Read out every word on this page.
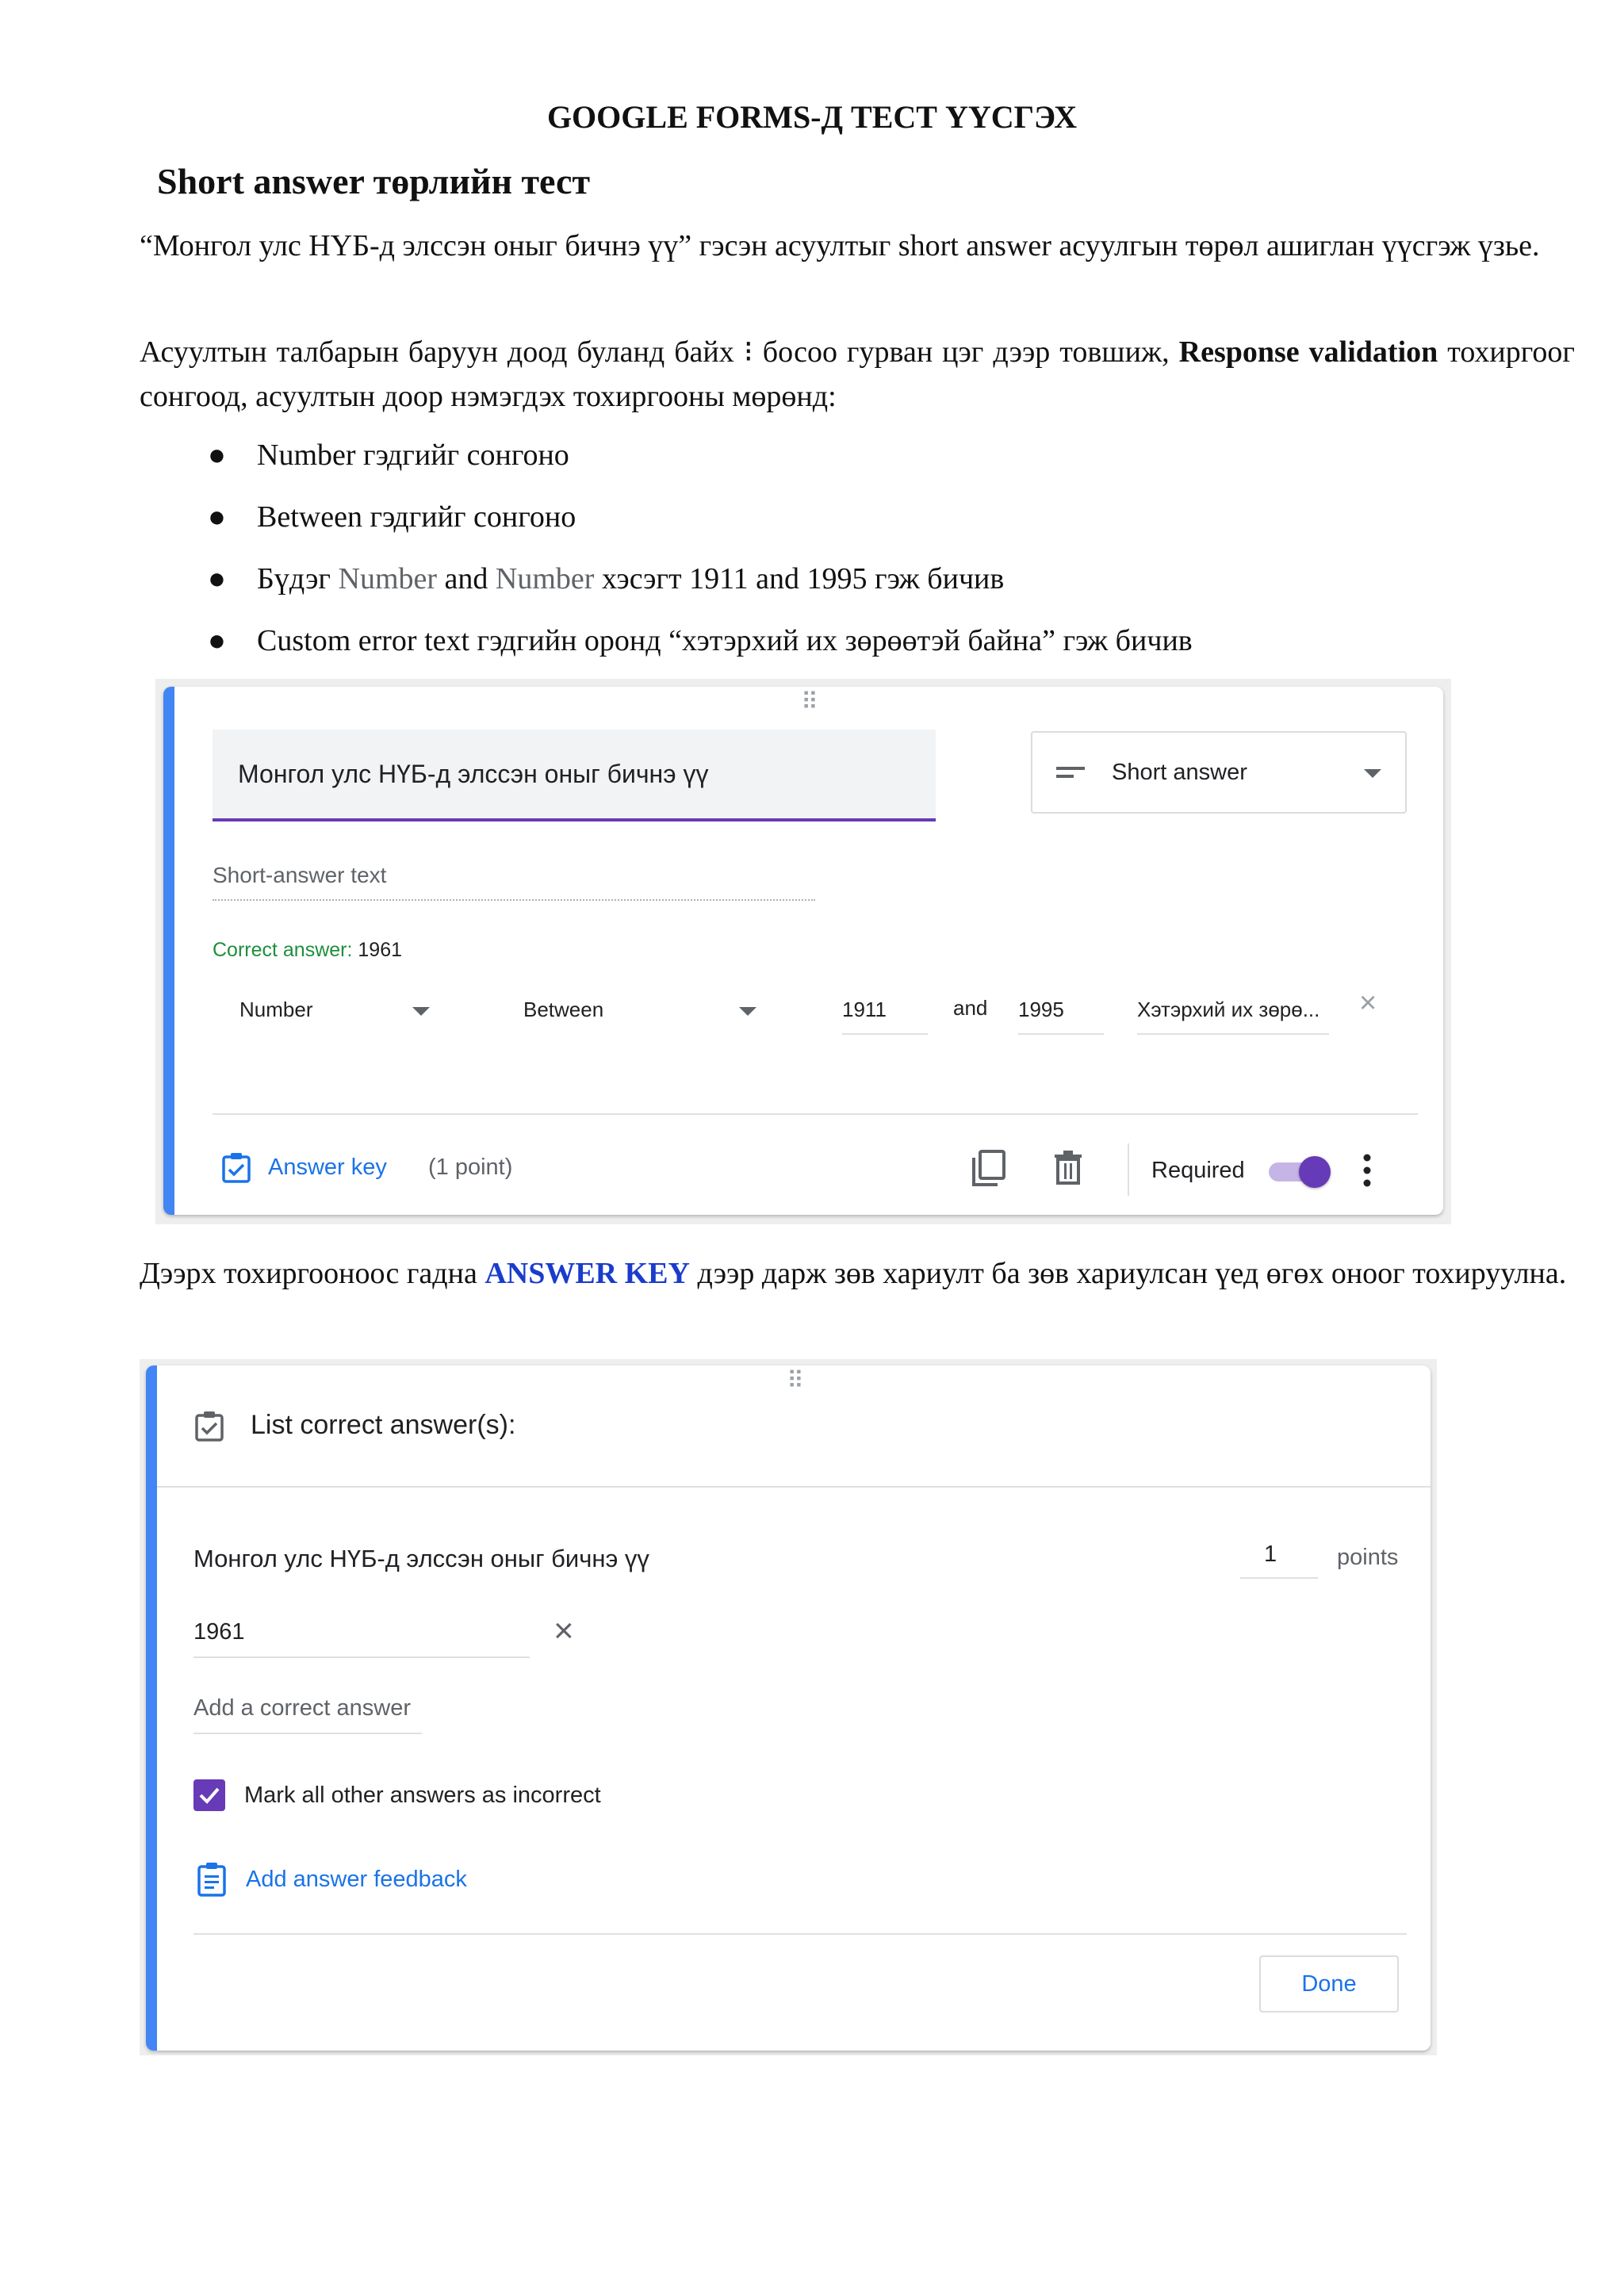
GOOGLE FORMS-Д ТЕСТ ҮҮСГЭХ
Short answer төрлийн тест
“Монгол улс НҮБ-д элссэн оныг бичнэ үү” гэсэн асуултыг short answer асуулгын төрөл ашиглан үүсгэж үзье.
Асуултын талбарын баруун доод буланд байх ⁝ босоо гурван цэг дээр товшиж, Response validation тохиргоог сонгоод, асуултын доор нэмэгдэх тохиргооны мөрөнд:
● Number гэдгийг сонгоно
● Between гэдгийг сонгоно
● Бүдэг Number and Number хэсэгт 1911 and 1995 гэж бичив
● Custom error text гэдгийн оронд “хэтэрхий их зөрөөтэй байна” гэж бичив
⠿
Монгол улс НҮБ-д элссэн оныг бичнэ үү	Short answer
Short-answer text
Correct answer: 1961
Number	Between	1911	and 1995	Хэтэрхий их зөрө...	×
Answer key (1 point)	Required
Дээрх тохиргооноос гадна ANSWER KEY дээр дарж зөв хариулт ба зөв хариулсан үед өгөх оноог тохируулна.
⠿
List correct answer(s):
Монгол улс НҮБ-д элссэн оныг бичнэ үү	1	points
1961	×
Add a correct answer
Mark all other answers as incorrect
Add answer feedback
Done
